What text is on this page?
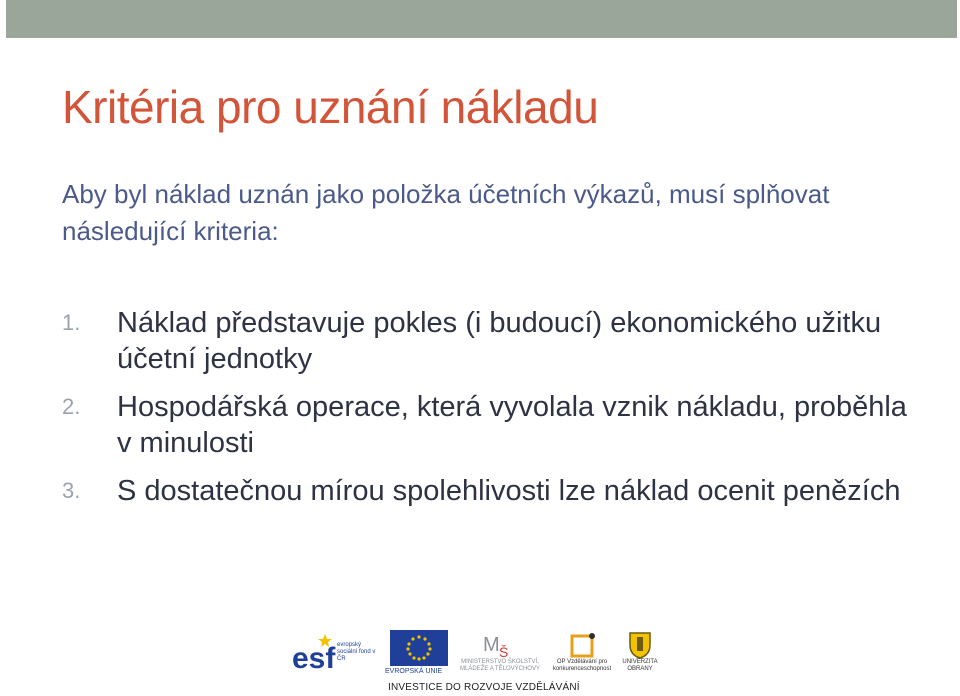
Kritéria pro uznání nákladu

Aby byl náklad uznán jako položka účetních výkazů, musí splňovat následující kriteria:

1. Náklad představuje pokles (i budoucí) ekonomického užitku účetní jednotky
2. Hospodářská operace, která vyvolala vznik nákladu, proběhla v minulosti
3. S dostatečnou mírou spolehlivosti lze náklad ocenit penězích
esf evropský sociální fond v ČR
EVROPSKÁ UNIE
M Š
MINISTERSTVO ŠKOLSTVÍ, MLÁDEŽE A TĚLOVÝCHOVY
OP Vzdělávání pro konkurenceschopnost
UNIVERZITA OBRANY
INVESTICE DO ROZVOJE VZDĚLÁVÁNÍ
